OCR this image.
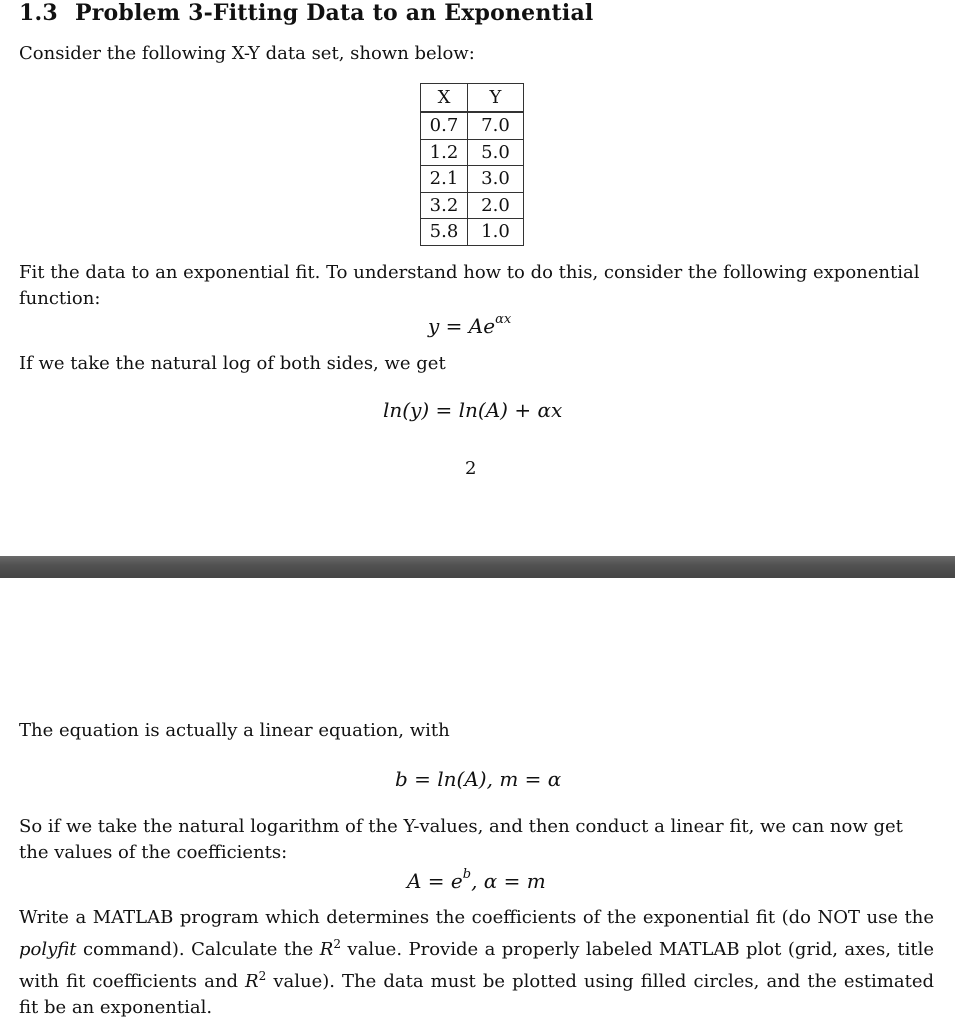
1.3 Problem 3-Fitting Data to an Exponential
Consider the following X-Y data set, shown below:
X	Y
0.7	7.0
1.2	5.0
2.1	3.0
3.2	2.0
5.8	1.0
Fit the data to an exponential fit. To understand how to do this, consider the following exponential function:
$y = Ae^{\alpha x}$
If we take the natural log of both sides, we get
ln(y) = ln(A) + αx
2
The equation is actually a linear equation, with
b = ln(A), m = α
So if we take the natural logarithm of the Y-values, and then conduct a linear fit, we can now get the values of the coefficients:
$A = e^b$, α = m
Write a MATLAB program which determines the coefficients of the exponential fit (do NOT use the polyfit command). Calculate the $R^2$ value. Provide a properly labeled MATLAB plot (grid, axes, title with fit coefficients and $R^2$ value). The data must be plotted using filled circles, and the estimated fit be an exponential.
